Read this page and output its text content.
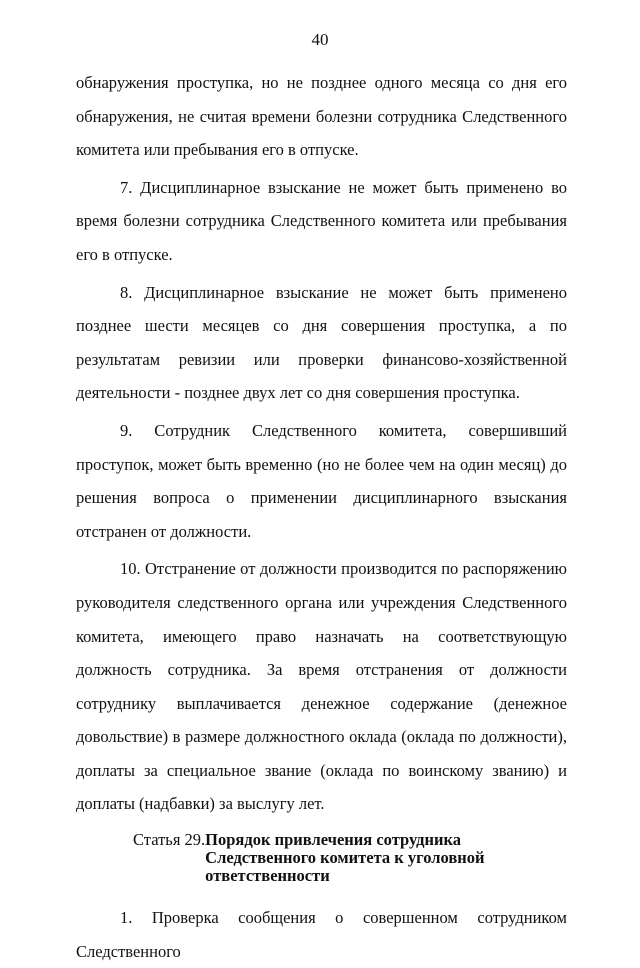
40

обнаружения проступка, но не позднее одного месяца со дня его обнаружения, не считая времени болезни сотрудника Следственного комитета или пребывания его в отпуске.

7. Дисциплинарное взыскание не может быть применено во время болезни сотрудника Следственного комитета или пребывания его в отпуске.

8. Дисциплинарное взыскание не может быть применено позднее шести месяцев со дня совершения проступка, а по результатам ревизии или проверки финансово-хозяйственной деятельности - позднее двух лет со дня совершения проступка.

9. Сотрудник Следственного комитета, совершивший проступок, может быть временно (но не более чем на один месяц) до решения вопроса о применении дисциплинарного взыскания отстранен от должности.

10. Отстранение от должности производится по распоряжению руководителя следственного органа или учреждения Следственного комитета, имеющего право назначать на соответствующую должность сотрудника. За время отстранения от должности сотруднику выплачивается денежное содержание (денежное довольствие) в размере должностного оклада (оклада по должности), доплаты за специальное звание (оклада по воинскому званию) и доплаты (надбавки) за выслугу лет.

Статья 29. Порядок привлечения сотрудника Следственного комитета к уголовной ответственности

1. Проверка сообщения о совершенном сотрудником Следственного
